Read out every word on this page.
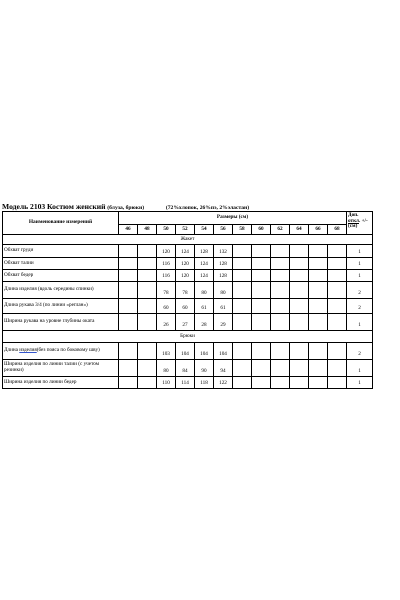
Модель 2103 Костюм женский (блуза, брюки)	(72%хлопок, 26%пэ, 2%эластан)
Наименование измерений	Размеры (см)												Доп.
откл. +/-
(см)

	46	48	50	52	54	56	58	60	62	64	66	68	
Жакет													
Обхват груди			120	124	128	132							1
Обхват талии			116	120	124	128							1
Обхват бедер			116	120	124	128							1
Длина изделия (вдоль середины спинки)			78	78	80	80							2
Длина рукава 3/4 (по линии «реглан»)			60	60	61	61							2
Ширина рукава на уровне глубины оката			26	27	28	29							1
Брюки													
Длина изделия(без пояса по боковому шву)			103	104	104	104							2
Ширина изделия по линии талии (с учетом резинки)			80	84	90	94							1
Ширина изделия по линии бедер			110	114	118	122							1
